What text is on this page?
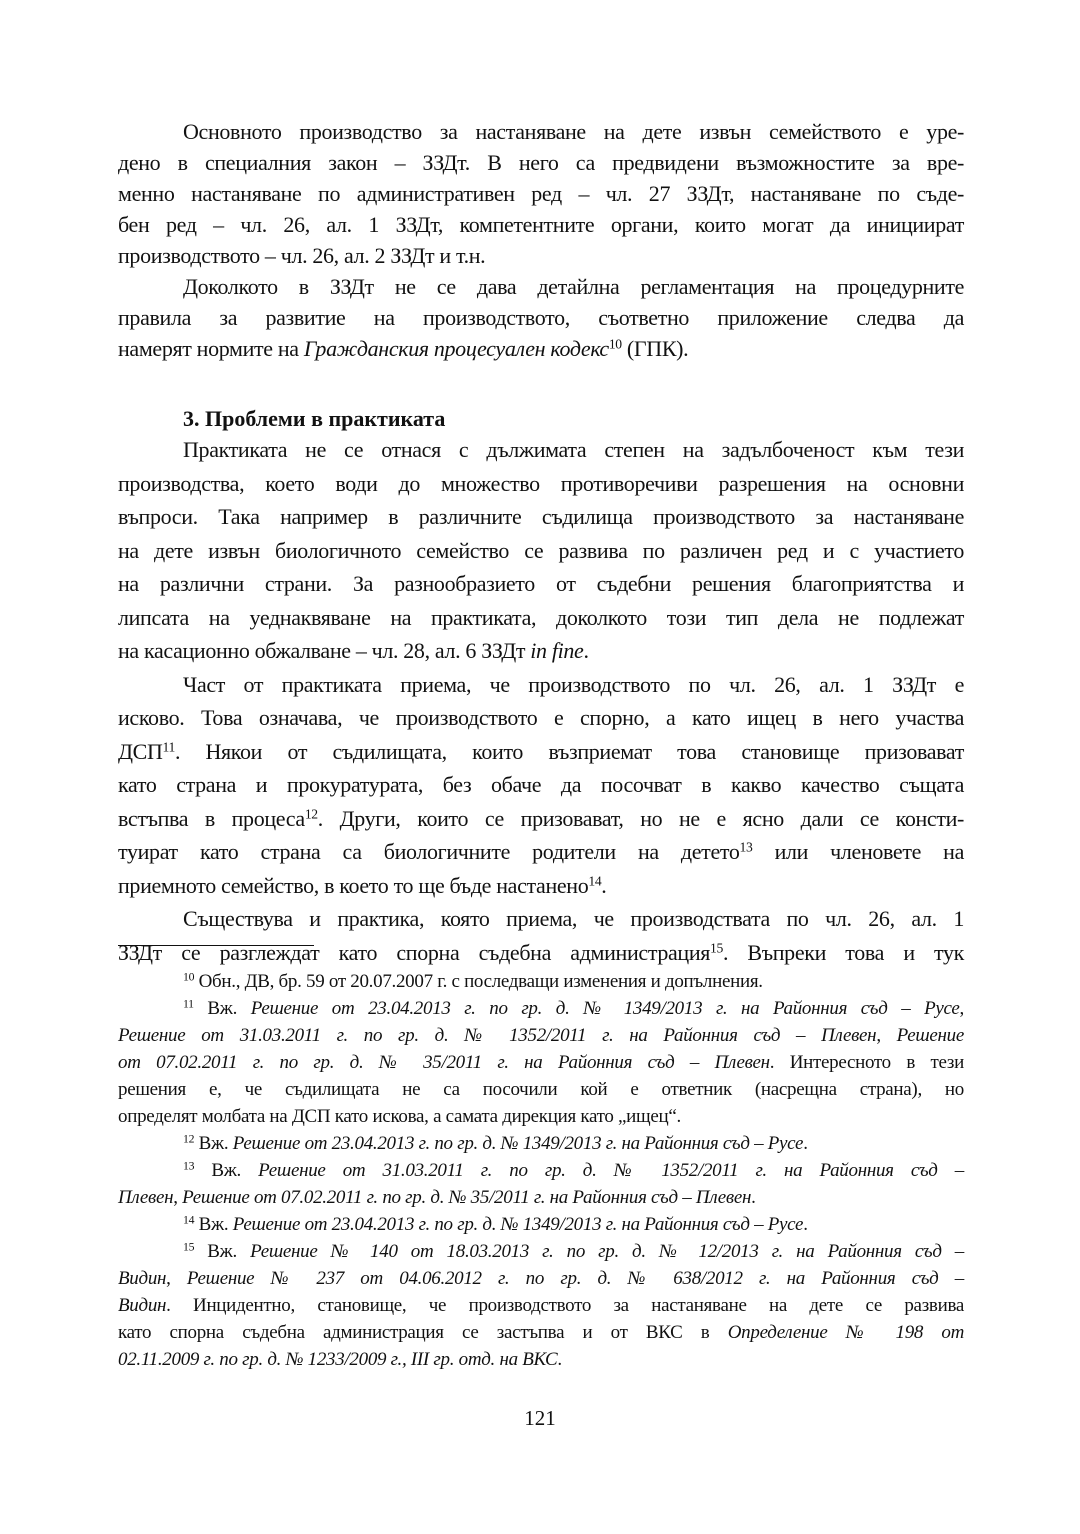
Основното производство за настаняване на дете извън семейството е уре-
дено в специалния закон – ЗЗДт. В него са предвидени възможностите за вре-
менно настаняване по административен ред – чл. 27 ЗЗДт, настаняване по съде-
бен ред – чл. 26, ал. 1 ЗЗДт, компетентните органи, които могат да инициират
производството – чл. 26, ал. 2 ЗЗДт и т.н.
Доколкото в ЗЗДт не се дава детайлна регламентация на процедурните
правила за развитие на производството, съответно приложение следва да
намерят нормите на Гражданския процесуален кодекс$^{10}$ (ГПК).
3. Проблеми в практиката
Практиката не се отнася с дължимата степен на задълбоченост към тези
производства, което води до множество противоречиви разрешения на основни
въпроси. Така например в различните съдилища производството за настаняване
на дете извън биологичното семейство се развива по различен ред и с участието
на различни страни. За разнообразието от съдебни решения благоприятства и
липсата на уеднаквяване на практиката, доколкото този тип дела не подлежат
на касационно обжалване – чл. 28, ал. 6 ЗЗДт in fine.
Част от практиката приема, че производството по чл. 26, ал. 1 ЗЗДт е
исково. Това означава, че производството е спорно, а като ищец в него участва
ДСП$^{11}$. Някои от съдилищата, които възприемат това становище призовават
като страна и прокуратурата, без обаче да посочват в какво качество същата
встъпва в процеса$^{12}$. Други, които се призовават, но не е ясно дали се консти-
туират като страна са биологичните родители на детето$^{13}$ или членовете на
приемното семейство, в което то ще бъде настанено$^{14}$.
Съществува и практика, която приема, че производствата по чл. 26, ал. 1
ЗЗДт се разглеждат като спорна съдебна администрация$^{15}$. Въпреки това и тук
$^{10}$ Обн., ДВ, бр. 59 от 20.07.2007 г. с последващи изменения и допълнения.
$^{11}$ Вж. Решение от 23.04.2013 г. по гр. д. № 1349/2013 г. на Районния съд – Русе,
Решение от 31.03.2011 г. по гр. д. № 1352/2011 г. на Районния съд – Плевен, Решение
от 07.02.2011 г. по гр. д. № 35/2011 г. на Районния съд – Плевен. Интересното в тези
решения е, че съдилищата не са посочили кой е ответник (насрещна страна), но
определят молбата на ДСП като искова, а самата дирекция като „ищец“.
$^{12}$ Вж. Решение от 23.04.2013 г. по гр. д. № 1349/2013 г. на Районния съд – Русе.
$^{13}$ Вж. Решение от 31.03.2011 г. по гр. д. № 1352/2011 г. на Районния съд –
Плевен, Решение от 07.02.2011 г. по гр. д. № 35/2011 г. на Районния съд – Плевен.
$^{14}$ Вж. Решение от 23.04.2013 г. по гр. д. № 1349/2013 г. на Районния съд – Русе.
$^{15}$ Вж. Решение № 140 от 18.03.2013 г. по гр. д. № 12/2013 г. на Районния съд –
Видин, Решение № 237 от 04.06.2012 г. по гр. д. № 638/2012 г. на Районния съд –
Видин. Инцидентно, становище, че производството за настаняване на дете се развива
като спорна съдебна администрация се застъпва и от ВКС в Определение № 198 от
02.11.2009 г. по гр. д. № 1233/2009 г., III гр. отд. на ВКС.
121
